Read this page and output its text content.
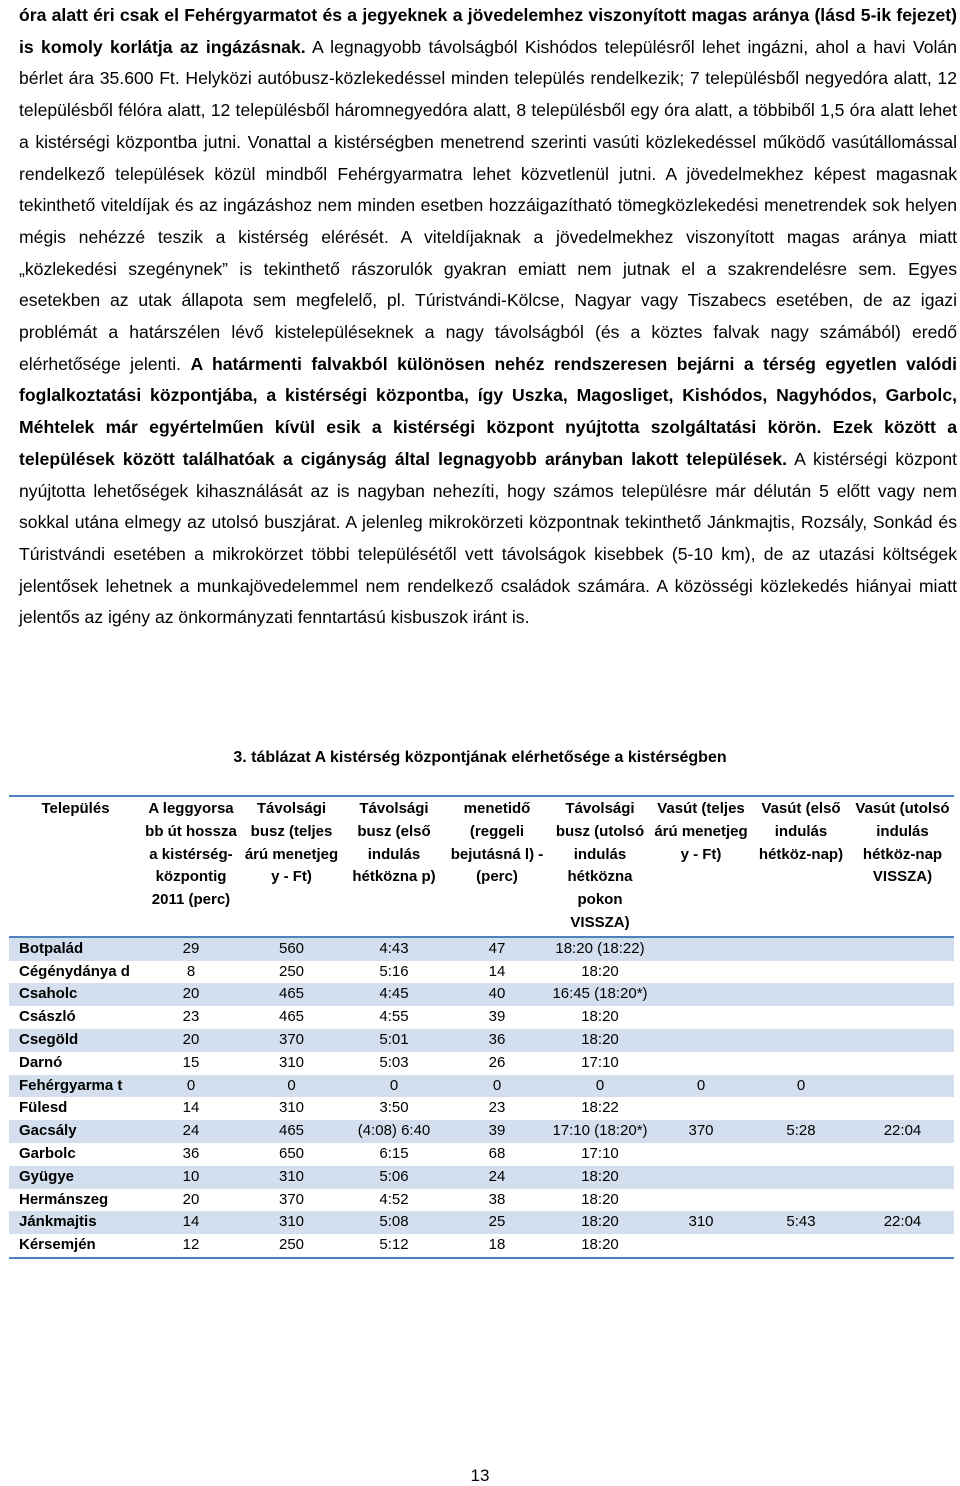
óra alatt éri csak el Fehérgyarmatot és a jegyeknek a jövedelemhez viszonyított magas aránya (lásd 5-ik fejezet) is komoly korlátja az ingázásnak. A legnagyobb távolságból Kishódos településről lehet ingázni, ahol a havi Volán bérlet ára 35.600 Ft. Helyközi autóbusz-közlekedéssel minden település rendelkezik; 7 településből negyedóra alatt, 12 településből félóra alatt, 12 településből háromnegyedóra alatt, 8 településből egy óra alatt, a többiből 1,5 óra alatt lehet a kistérségi központba jutni. Vonattal a kistérségben menetrend szerinti vasúti közlekedéssel működő vasútállomással rendelkező települések közül mindből Fehérgyarmatra lehet közvetlenül jutni. A jövedelmekhez képest magasnak tekinthető viteldíjak és az ingázáshoz nem minden esetben hozzáigazítható tömegközlekedési menetrendek sok helyen mégis nehézzé teszik a kistérség elérését. A viteldíjaknak a jövedelmekhez viszonyított magas aránya miatt „közlekedési szegénynek” is tekinthető rászorulók gyakran emiatt nem jutnak el a szakrendelésre sem. Egyes esetekben az utak állapota sem megfelelő, pl. Túristvándi-Kölcse, Nagyar vagy Tiszabecs esetében, de az igazi problémát a határszélen lévő kistelepüléseknek a nagy távolságból (és a köztes falvak nagy számából) eredő elérhetősége jelenti. A határmenti falvakból különösen nehéz rendszeresen bejárni a térség egyetlen valódi foglalkoztatási központjába, a kistérségi központba, így Uszka, Magosliget, Kishódos, Nagyhódos, Garbolc, Méhtelek már egyértelműen kívül esik a kistérségi központ nyújtotta szolgáltatási körön. Ezek között a települések között találhatóak a cigányság által legnagyobb arányban lakott települések. A kistérségi központ nyújtotta lehetőségek kihasználását az is nagyban nehezíti, hogy számos településre már délután 5 előtt vagy nem sokkal utána elmegy az utolsó buszjárat. A jelenleg mikrokörzeti központnak tekinthető Jánkmajtis, Rozsály, Sonkád és Túristvándi esetében a mikrokörzet többi településétől vett távolságok kisebbek (5-10 km), de az utazási költségek jelentősek lehetnek a munkajövedelemmel nem rendelkező családok számára. A közösségi közlekedés hiányai miatt jelentős az igény az önkormányzati fenntartású kisbuszok iránt is.
3. táblázat A kistérség központjának elérhetősége a kistérségben
Település	A leggyorsa bb út hossza a kistérség-központig 2011 (perc)	Távolsági busz (teljes árú menetjeg y - Ft)	Távolsági busz (első indulás hétközna p)	menetidő (reggeli bejutásná l) - (perc)	Távolsági busz (utolsó indulás hétközna pokon VISSZA)	Vasút (teljes árú menetjeg y - Ft)	Vasút (első indulás hétköz-nap)	Vasút (utolsó indulás hétköz-nap VISSZA)
Botpalád	29	560	4:43	47	18:20 (18:22)			
Cégénydánya d	8	250	5:16	14	18:20			
Csaholc	20	465	4:45	40	16:45 (18:20*)			
Császló	23	465	4:55	39	18:20			
Csegöld	20	370	5:01	36	18:20			
Darnó	15	310	5:03	26	17:10			
Fehérgyarma t	0	0	0	0	0	0	0	
Fülesd	14	310	3:50	23	18:22			
Gacsály	24	465	(4:08) 6:40	39	17:10 (18:20*)	370	5:28	22:04
Garbolc	36	650	6:15	68	17:10			
Gyügye	10	310	5:06	24	18:20			
Hermánszeg	20	370	4:52	38	18:20			
Jánkmajtis	14	310	5:08	25	18:20	310	5:43	22:04
Kérsemjén	12	250	5:12	18	18:20			
13
